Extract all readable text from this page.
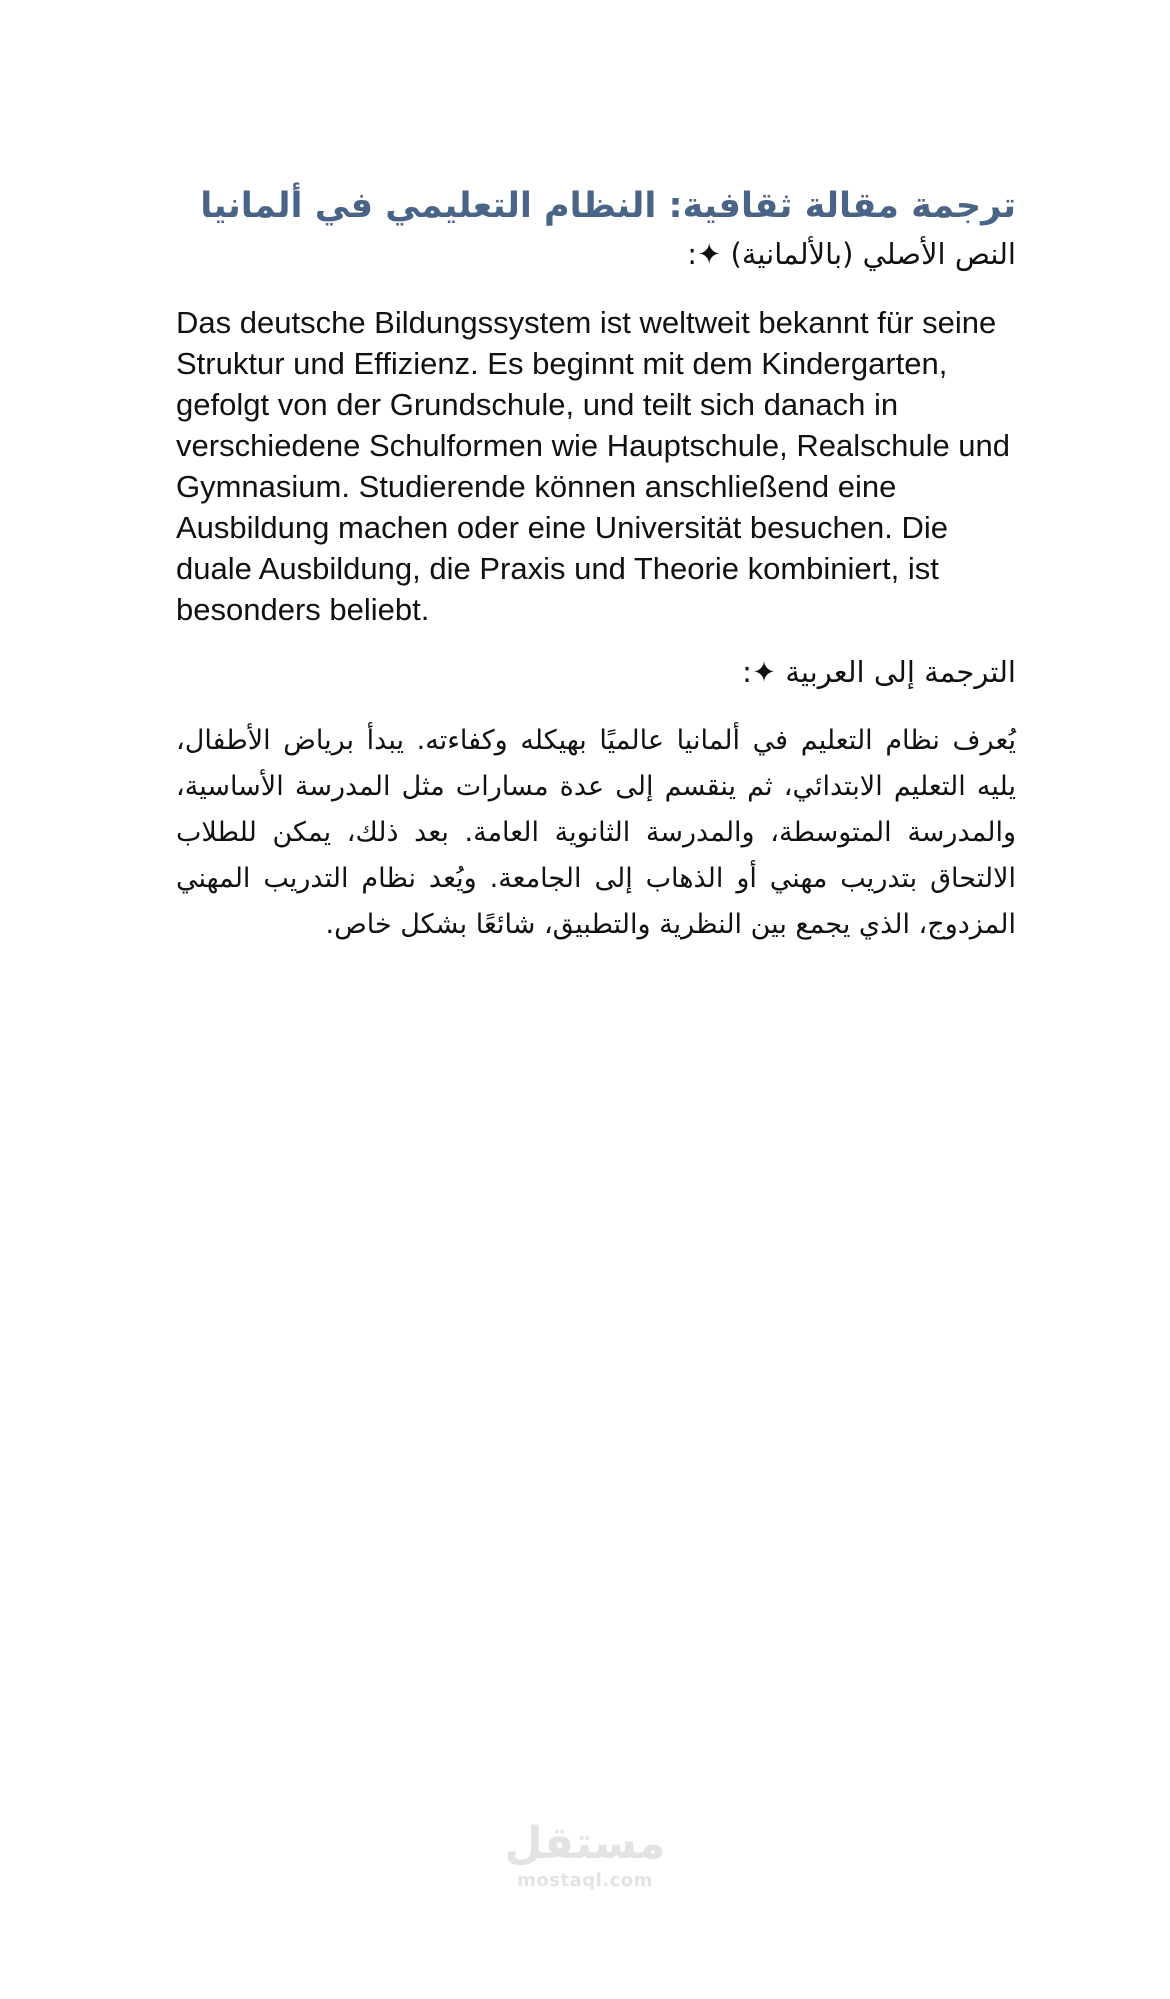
ترجمة مقالة ثقافية: النظام التعليمي في ألمانيا

النص الأصلي (بالألمانية) ✦:

Das deutsche Bildungssystem ist weltweit bekannt für seine Struktur und Effizienz. Es beginnt mit dem Kindergarten, gefolgt von der Grundschule, und teilt sich danach in verschiedene Schulformen wie Hauptschule, Realschule und Gymnasium. Studierende können anschließend eine Ausbildung machen oder eine Universität besuchen. Die duale Ausbildung, die Praxis und Theorie kombiniert, ist besonders beliebt.

الترجمة إلى العربية ✦:

يُعرف نظام التعليم في ألمانيا عالميًا بهيكله وكفاءته. يبدأ برياض الأطفال، يليه التعليم الابتدائي، ثم ينقسم إلى عدة مسارات مثل المدرسة الأساسية، والمدرسة المتوسطة، والمدرسة الثانوية العامة. بعد ذلك، يمكن للطلاب الالتحاق بتدريب مهني أو الذهاب إلى الجامعة. ويُعد نظام التدريب المهني المزدوج، الذي يجمع بين النظرية والتطبيق، شائعًا بشكل خاص.

مستقل
mostaql.com
